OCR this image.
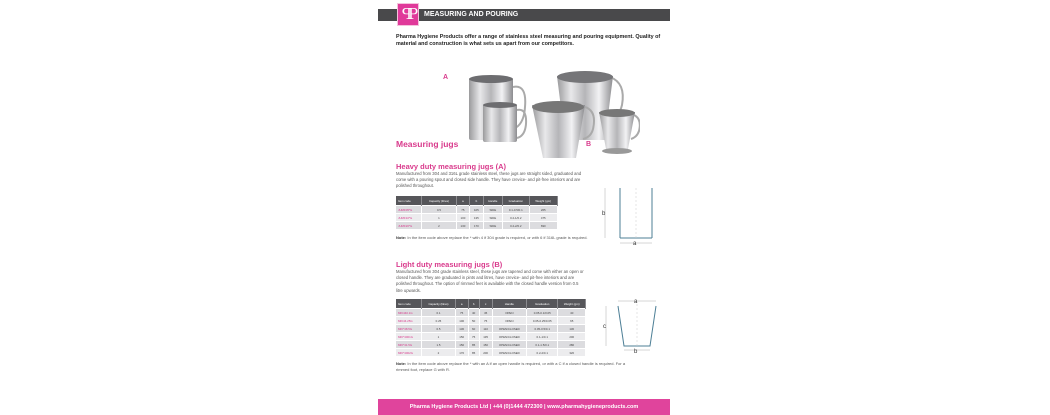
ꟼP	MEASURING AND POURING
Pharma Hygiene Products offer a range of stainless steel measuring and pouring equipment. Quality of material and construction is what sets us apart from our competitors.
A
B
Measuring jugs
Heavy duty measuring jugs (A)
Manufactured from 304 and 316L grade stainless steel, these jugs are straight sided, graduated and come with a pouring spout and closed side handle. They have crevice- and pit-free interiors and are polished throughout.
Item code	Capacity (litres)	a	b	Handle	Graduation	Weight (gm)
JUMF05*G	0.5	75	105	SIDE	0.1-0.5/0.1	265
JUMF10*G	1	100	135	SIDE	0.2-1/0.2	475
JUMF20*G	2	130	170	SIDE	0.2-2/0.2	690
Note: In the item code above replace the * with 4 if 304 grade is required, or with 6 if 316L grade is required.
b
a
Light duty measuring jugs (B)
Manufactured from 304 grade stainless steel, these jugs are tapered and come with either an open or closed handle. They are graduated in pints and litres, have crevice- and pit-free interiors and are polished throughout. The option of rimmed feet is available with the closed handle version from 0.5 litre upwards.
Item code	Capacity (litres)	a	b	c	Handle	Graduation	Weight (gm)
MKI440.1G	0.1	75	40	45	OPEN	0.05-0.1/0.05	40
MKI44.25G	0.25	100	50	75	OPEN	0.05-0.25/0.05	65
MKI*48.5G	0.5	130	60	110	OPEN/CLOSED	0.05-0.5/0.1	130
MKI*4001G	1	150	75	135	OPEN/CLOSED	0.1-1/0.1	200
MKI*41.5G	1.5	150	85	150	OPEN/CLOSED	0.1-1.5/0.1	280
MKI*4002G	2	170	85	200	OPEN/CLOSED	0.2-2/0.1	320
Note: In the item code above replace the * with an A if an open handle is required, or with a C if a closed handle is required. For a rimmed foot, replace G with R.
a
c
b
Pharma Hygiene Products Ltd | +44 (0)1444 472300 | www.pharmahygieneproducts.com
